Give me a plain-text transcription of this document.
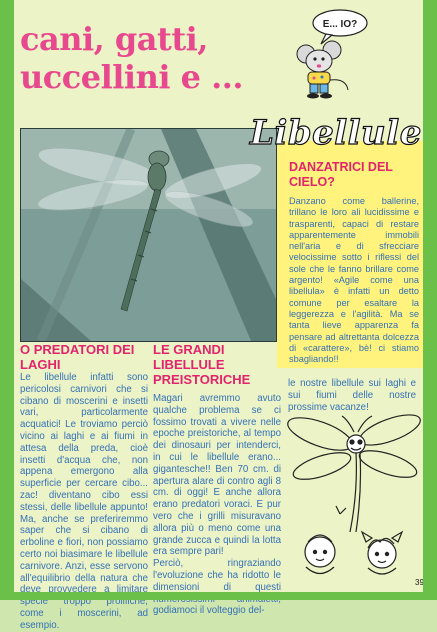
cani, gatti,
uccellini e ...
E... IO?
Libellule
DANZATRICI DEL CIELO?

Danzano come ballerine, trillano le loro ali lucidissime e trasparenti, capaci di restare apparentemente immobili nell'aria e di sfrecciare velocissime sotto i riflessi del sole che le fanno brillare come argento! «Agile come una libellula» è infatti un detto comune per esaltare la leggerezza e l'agilità. Ma se tanta lieve apparenza fa pensare ad altrettanta dolcezza di «carattere», bè! ci stiamo sbagliando!!

O PREDATORI DEI LAGHI

Le libellule infatti sono pericolosi carnivori che si cibano di moscerini e insetti vari, particolarmente acquatici! Le troviamo perciò vicino ai laghi e ai fiumi in attesa della preda, cioè insetti d'acqua che, non appena emergono alla superficie per cercare cibo... zac! diventano cibo essi stessi, delle libellule appunto! Ma, anche se preferiremmo saper che si cibano di erboline e fiori, non possiamo certo noi biasimare le libellule carnivore. Anzi, esse servono all'equilibrio della natura che deve provvedere a limitare specie troppo prolifiche, come i moscerini, ad esempio.

LE GRANDI LIBELLULE PREISTORICHE

Magari avremmo avuto qualche problema se ci fossimo trovati a vivere nelle epoche preistoriche, al tempo dei dinosauri per intenderci, in cui le libellule erano... gigantesche!! Ben 70 cm. di apertura alare di contro agli 8 cm. di oggi! E anche allora erano predatori voraci. E pur vero che i grilli misuravano allora più o meno come una grande zucca e quindi la lotta era sempre pari!

Perciò, ringraziando l'evoluzione che ha ridotto le dimensioni di questi numerosissimi animaletti, godiamoci il volteggio del-

le nostre libellule sui laghi e sui fiumi delle nostre prossime vacanze!

39
